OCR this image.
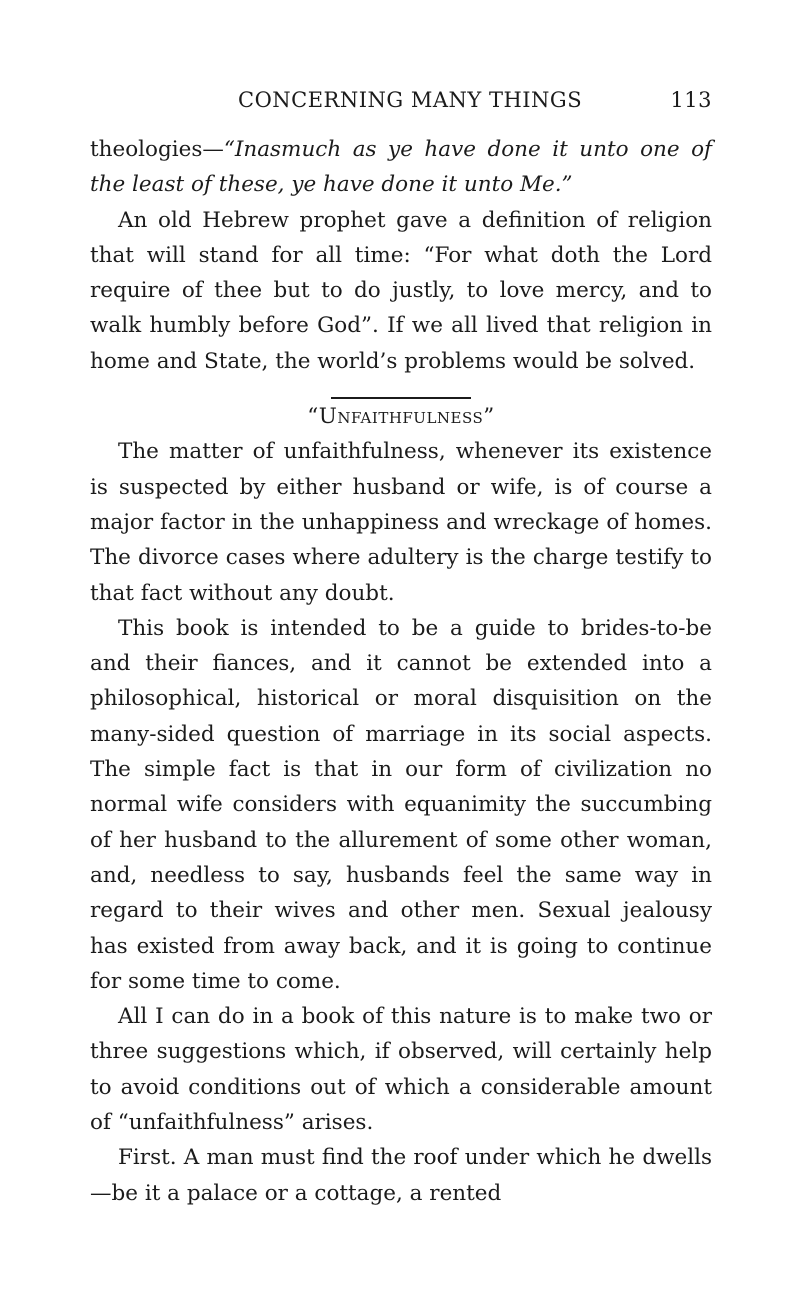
CONCERNING MANY THINGS	113

theologies—“Inasmuch as ye have done it unto one of the least of these, ye have done it unto Me.”

An old Hebrew prophet gave a definition of religion that will stand for all time: “For what doth the Lord require of thee but to do justly, to love mercy, and to walk humbly before God”. If we all lived that religion in home and State, the world’s problems would be solved.

“Unfaithfulness”

The matter of unfaithfulness, whenever its existence is suspected by either husband or wife, is of course a major factor in the unhappiness and wreckage of homes. The divorce cases where adultery is the charge testify to that fact without any doubt.

This book is intended to be a guide to brides-to-be and their fiances, and it cannot be extended into a philosophical, historical or moral disquisition on the many-sided question of marriage in its social aspects. The simple fact is that in our form of civilization no normal wife considers with equanimity the succumbing of her husband to the allurement of some other woman, and, needless to say, husbands feel the same way in regard to their wives and other men. Sexual jealousy has existed from away back, and it is going to continue for some time to come.

All I can do in a book of this nature is to make two or three suggestions which, if observed, will certainly help to avoid conditions out of which a considerable amount of “unfaithfulness” arises.

First. A man must find the roof under which he dwells—be it a palace or a cottage, a rented
